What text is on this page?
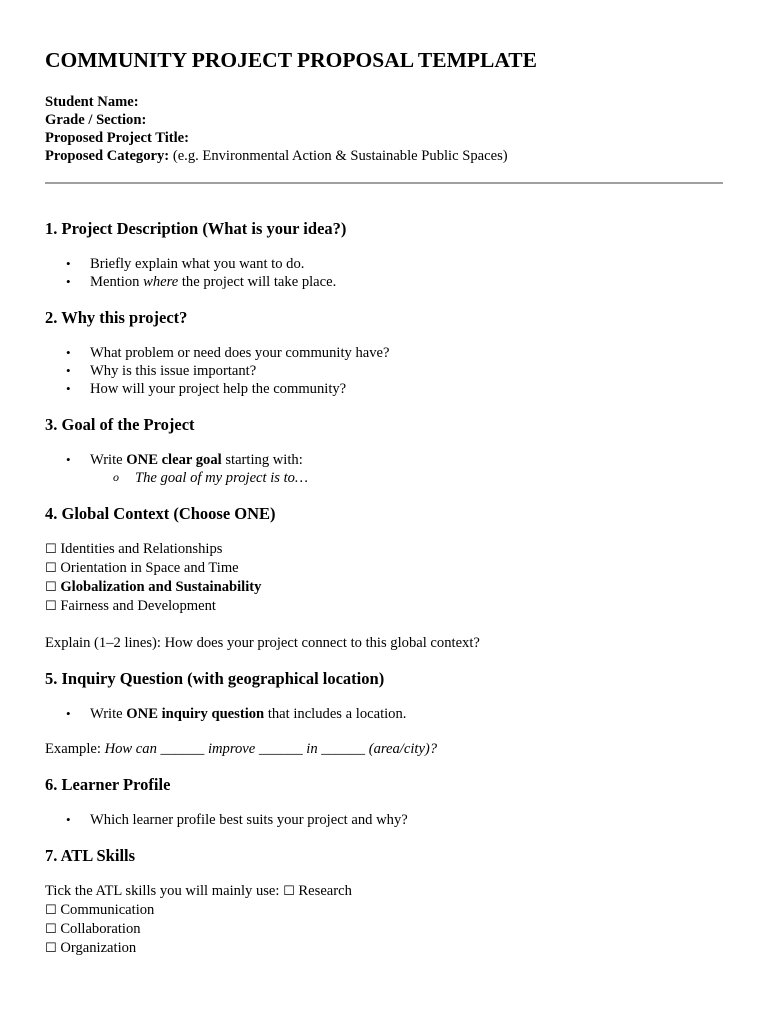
COMMUNITY PROJECT PROPOSAL TEMPLATE
Student Name:
Grade / Section:
Proposed Project Title:
Proposed Category: (e.g. Environmental Action & Sustainable Public Spaces)
1. Project Description (What is your idea?)
• Briefly explain what you want to do.
• Mention where the project will take place.
2. Why this project?
• What problem or need does your community have?
• Why is this issue important?
• How will your project help the community?
3. Goal of the Project
• Write ONE clear goal starting with:
o The goal of my project is to…
4. Global Context (Choose ONE)
☐ Identities and Relationships
☐ Orientation in Space and Time
☐ Globalization and Sustainability
☐ Fairness and Development
Explain (1–2 lines): How does your project connect to this global context?
5. Inquiry Question (with geographical location)
• Write ONE inquiry question that includes a location.
Example: How can ______ improve ______ in ______ (area/city)?
6. Learner Profile
• Which learner profile best suits your project and why?
7. ATL Skills
Tick the ATL skills you will mainly use: ☐ Research
☐ Communication
☐ Collaboration
☐ Organization
